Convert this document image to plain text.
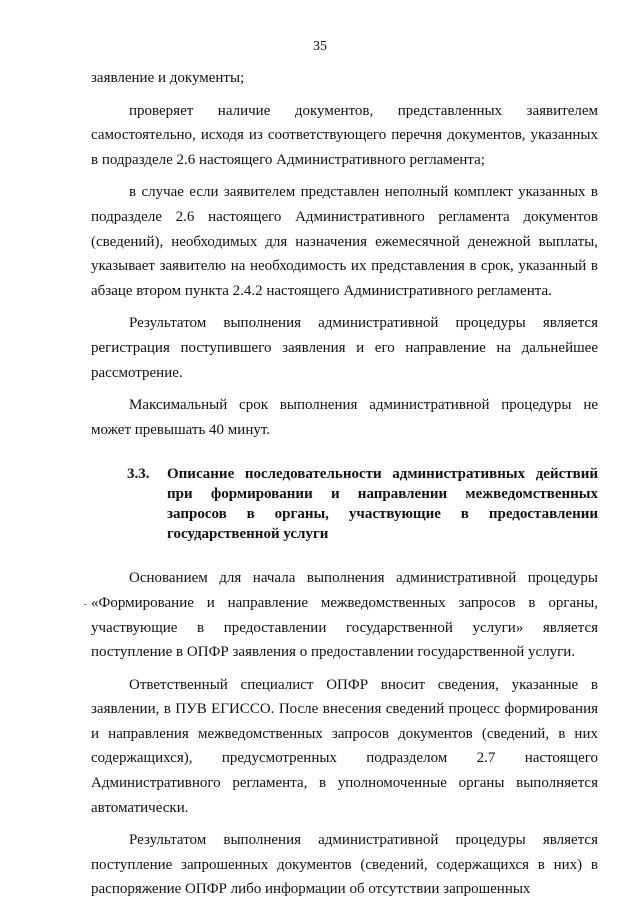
35

заявление и документы;

проверяет наличие документов, представленных заявителем самостоятельно, исходя из соответствующего перечня документов, указанных в подразделе 2.6 настоящего Административного регламента;

в случае если заявителем представлен неполный комплект указанных в подразделе 2.6 настоящего Административного регламента документов (сведений), необходимых для назначения ежемесячной денежной выплаты, указывает заявителю на необходимость их представления в срок, указанный в абзаце втором пункта 2.4.2 настоящего Административного регламента.

Результатом выполнения административной процедуры является регистрация поступившего заявления и его направление на дальнейшее рассмотрение.

Максимальный срок выполнения административной процедуры не может превышать 40 минут.

3.3. Описание последовательности административных действий при формировании и направлении межведомственных запросов в органы, участвующие в предоставлении государственной услуги

Основанием для начала выполнения административной процедуры «Формирование и направление межведомственных запросов в органы, участвующие в предоставлении государственной услуги» является поступление в ОПФР заявления о предоставлении государственной услуги.

Ответственный специалист ОПФР вносит сведения, указанные в заявлении, в ПУВ ЕГИССО. После внесения сведений процесс формирования и направления межведомственных запросов документов (сведений, в них содержащихся), предусмотренных подразделом 2.7 настоящего Административного регламента, в уполномоченные органы выполняется автоматически.

Результатом выполнения административной процедуры является поступление запрошенных документов (сведений, содержащихся в них) в распоряжение ОПФР либо информации об отсутствии запрошенных
